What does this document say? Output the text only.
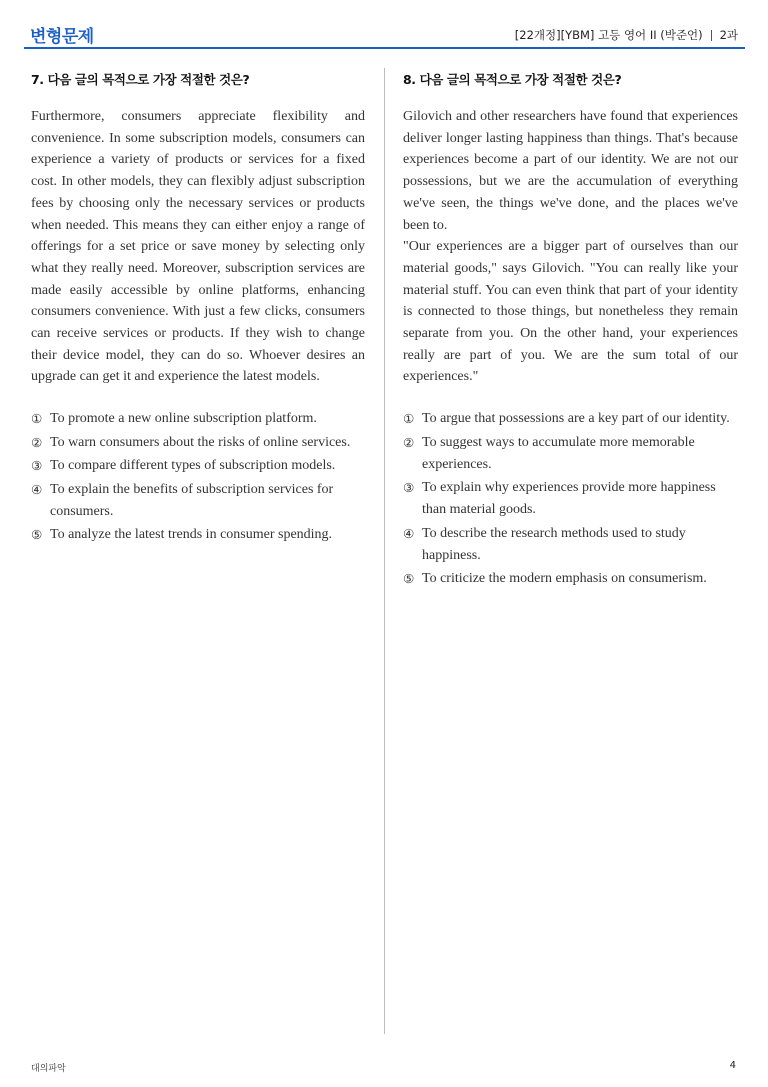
변형문제	[22개정][YBM] 고등 영어 II (박준언) 2과
7. 다음 글의 목적으로 가장 적절한 것은?

Furthermore, consumers appreciate flexibility and convenience. In some subscription models, consumers can experience a variety of products or services for a fixed cost. In other models, they can flexibly adjust subscription fees by choosing only the necessary services or products when needed. This means they can either enjoy a range of offerings for a set price or save money by selecting only what they really need. Moreover, subscription services are made easily accessible by online platforms, enhancing consumers convenience. With just a few clicks, consumers can receive services or products. If they wish to change their device model, they can do so. Whoever desires an upgrade can get it and experience the latest models.

① To promote a new online subscription platform.
② To warn consumers about the risks of online services.
③ To compare different types of subscription models.
④ To explain the benefits of subscription services for consumers.
⑤ To analyze the latest trends in consumer spending.
8. 다음 글의 목적으로 가장 적절한 것은?

Gilovich and other researchers have found that experiences deliver longer lasting happiness than things. That's because experiences become a part of our identity. We are not our possessions, but we are the accumulation of everything we've seen, the things we've done, and the places we've been to.

"Our experiences are a bigger part of ourselves than our material goods," says Gilovich. "You can really like your material stuff. You can even think that part of your identity is connected to those things, but nonetheless they remain separate from you. On the other hand, your experiences really are part of you. We are the sum total of our experiences."

① To argue that possessions are a key part of our identity.
② To suggest ways to accumulate more memorable experiences.
③ To explain why experiences provide more happiness than material goods.
④ To describe the research methods used to study happiness.
⑤ To criticize the modern emphasis on consumerism.
대의파악	4
